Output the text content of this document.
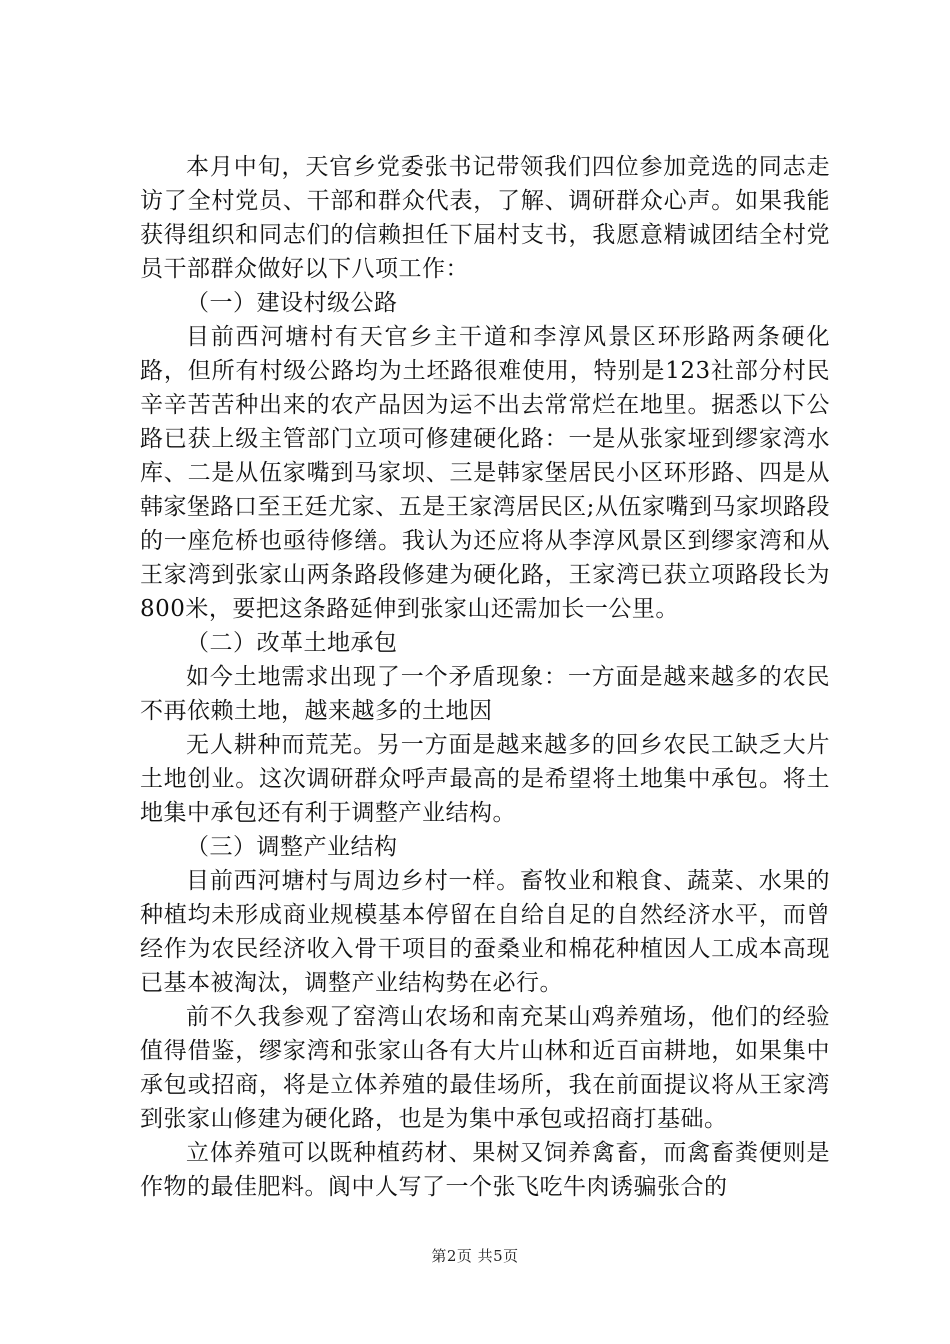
本月中旬，天官乡党委张书记带领我们四位参加竞选的同志走访了全村党员、干部和群众代表，了解、调研群众心声。如果我能获得组织和同志们的信赖担任下届村支书，我愿意精诚团结全村党员干部群众做好以下八项工作：

（一）建设村级公路

目前西河塘村有天官乡主干道和李淳风景区环形路两条硬化路，但所有村级公路均为土坯路很难使用，特别是123社部分村民辛辛苦苦种出来的农产品因为运不出去常常烂在地里。据悉以下公路已获上级主管部门立项可修建硬化路：一是从张家垭到缪家湾水库、二是从伍家嘴到马家坝、三是韩家堡居民小区环形路、四是从韩家堡路口至王廷尤家、五是王家湾居民区;从伍家嘴到马家坝路段的一座危桥也亟待修缮。我认为还应将从李淳风景区到缪家湾和从王家湾到张家山两条路段修建为硬化路，王家湾已获立项路段长为800米，要把这条路延伸到张家山还需加长一公里。

（二）改革土地承包

如今土地需求出现了一个矛盾现象：一方面是越来越多的农民不再依赖土地，越来越多的土地因

无人耕种而荒芜。另一方面是越来越多的回乡农民工缺乏大片土地创业。这次调研群众呼声最高的是希望将土地集中承包。将土地集中承包还有利于调整产业结构。

（三）调整产业结构

目前西河塘村与周边乡村一样。畜牧业和粮食、蔬菜、水果的种植均未形成商业规模基本停留在自给自足的自然经济水平，而曾经作为农民经济收入骨干项目的蚕桑业和棉花种植因人工成本高现已基本被淘汰，调整产业结构势在必行。

前不久我参观了窑湾山农场和南充某山鸡养殖场，他们的经验值得借鉴，缪家湾和张家山各有大片山林和近百亩耕地，如果集中承包或招商，将是立体养殖的最佳场所，我在前面提议将从王家湾到张家山修建为硬化路，也是为集中承包或招商打基础。

立体养殖可以既种植药材、果树又饲养禽畜，而禽畜粪便则是作物的最佳肥料。阆中人写了一个张飞吃牛肉诱骗张合的

第2页 共5页
